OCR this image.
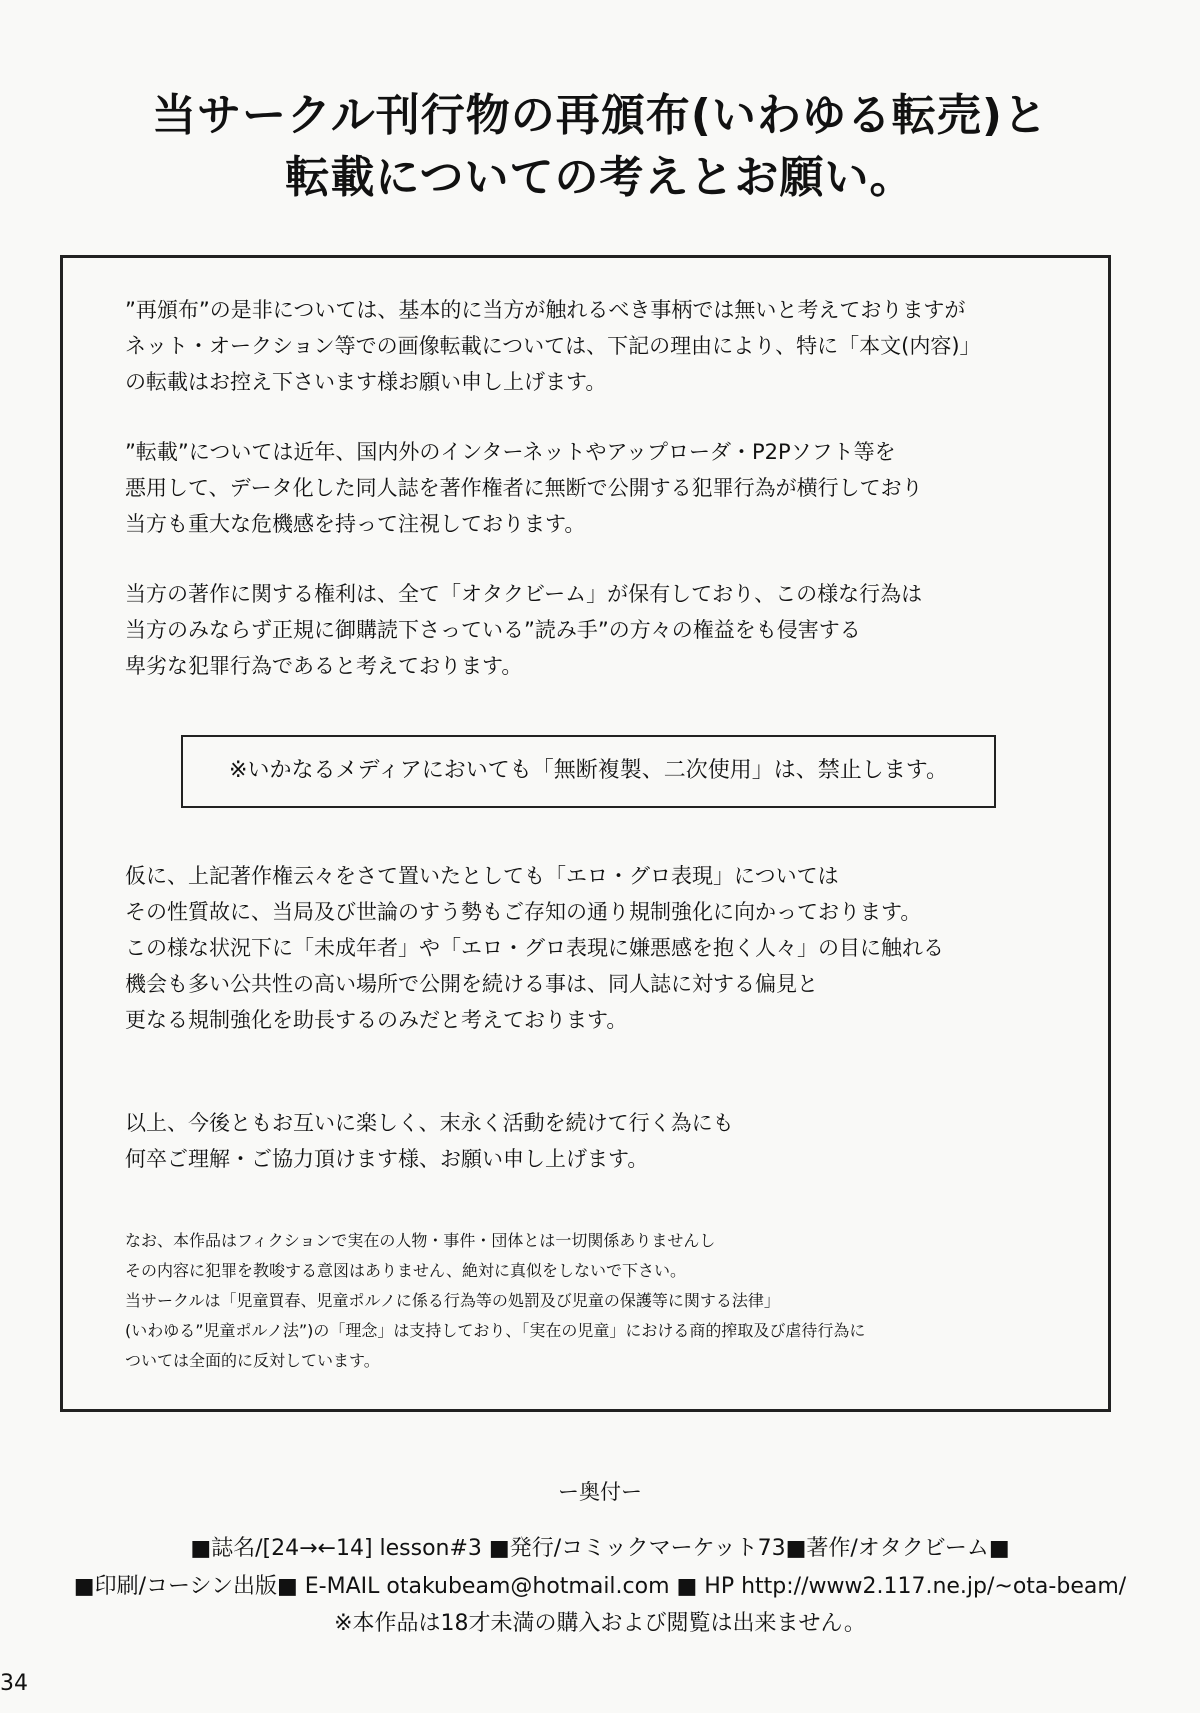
当サークル刊行物の再頒布(いわゆる転売)と
転載についての考えとお願い。
”再頒布”の是非については、基本的に当方が触れるべき事柄では無いと考えておりますが
ネット・オークション等での画像転載については、下記の理由により、特に「本文(内容)」
の転載はお控え下さいます様お願い申し上げます。
”転載”については近年、国内外のインターネットやアップローダ・P2Pソフト等を
悪用して、データ化した同人誌を著作権者に無断で公開する犯罪行為が横行しており
当方も重大な危機感を持って注視しております。
当方の著作に関する権利は、全て「オタクビーム」が保有しており、この様な行為は
当方のみならず正規に御購読下さっている”読み手”の方々の権益をも侵害する
卑劣な犯罪行為であると考えております。
※いかなるメディアにおいても「無断複製、二次使用」は、禁止します。
仮に、上記著作権云々をさて置いたとしても「エロ・グロ表現」については
その性質故に、当局及び世論のすう勢もご存知の通り規制強化に向かっております。
この様な状況下に「未成年者」や「エロ・グロ表現に嫌悪感を抱く人々」の目に触れる
機会も多い公共性の高い場所で公開を続ける事は、同人誌に対する偏見と
更なる規制強化を助長するのみだと考えております。
以上、今後ともお互いに楽しく、末永く活動を続けて行く為にも
何卒ご理解・ご協力頂けます様、お願い申し上げます。
なお、本作品はフィクションで実在の人物・事件・団体とは一切関係ありませんし
その内容に犯罪を教唆する意図はありません、絶対に真似をしないで下さい。
当サークルは「児童買春、児童ポルノに係る行為等の処罰及び児童の保護等に関する法律」
(いわゆる”児童ポルノ法”)の「理念」は支持しており、「実在の児童」における商的搾取及び虐待行為に
ついては全面的に反対しています。
ー奥付ー
■誌名/[24→←14] lesson#3 ■発行/コミックマーケット73■著作/オタクビーム■
■印刷/コーシン出版■ E-MAIL otakubeam@hotmail.com ■ HP http://www2.117.ne.jp/~ota-beam/
※本作品は18才未満の購入および閲覧は出来ません。
34
